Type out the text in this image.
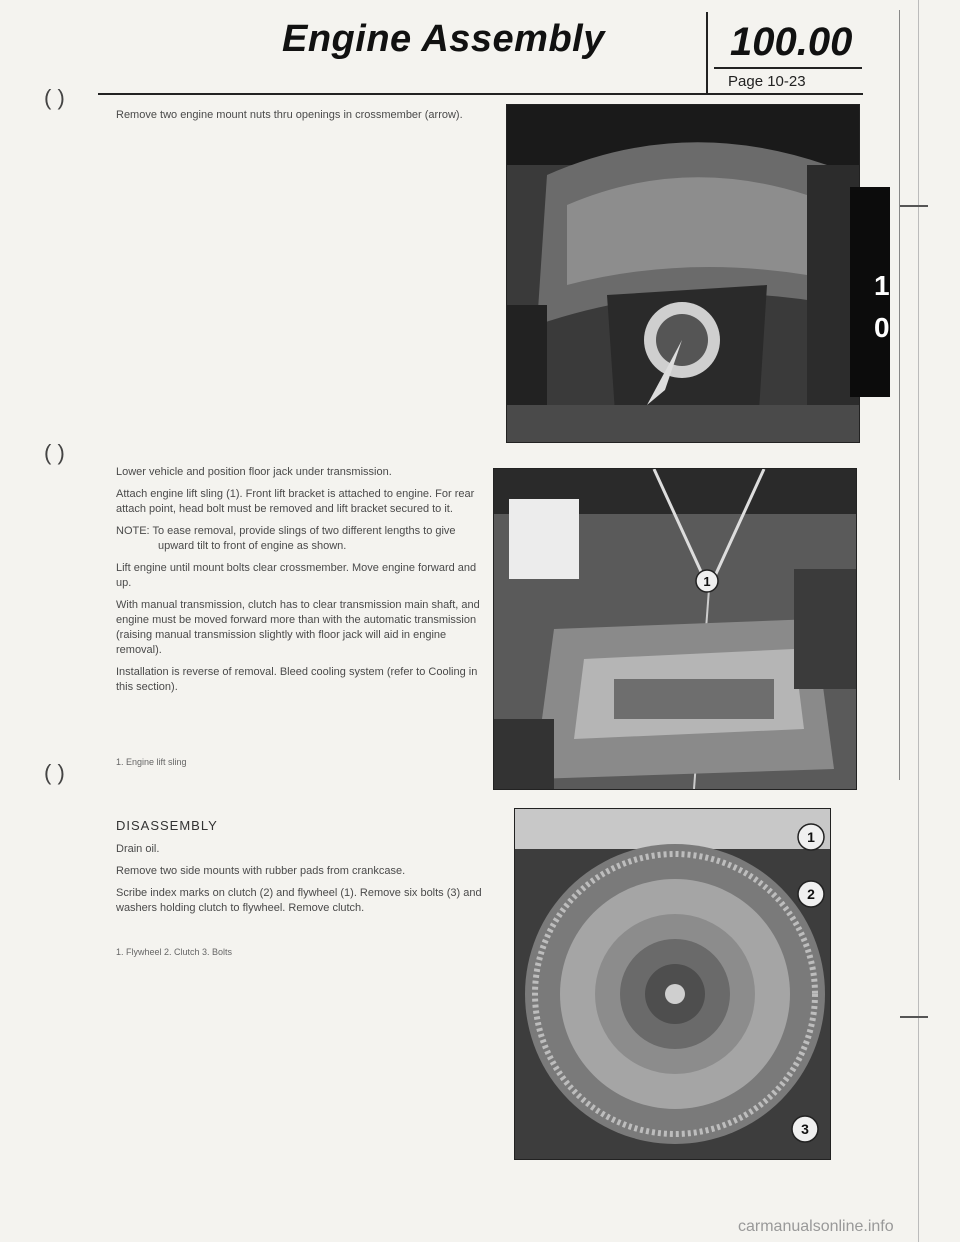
Engine Assembly	100.00
Page 10-23
( )
( )
( )

Remove two engine mount nuts thru openings in crossmember (arrow).

Lower vehicle and position floor jack under transmission.

Attach engine lift sling (1). Front lift bracket is attached to engine. For rear attach point, head bolt must be removed and lift bracket secured to it.

NOTE: To ease removal, provide slings of two different lengths to give upward tilt to front of engine as shown.

Lift engine until mount bolts clear crossmember. Move engine forward and up.

With manual transmission, clutch has to clear transmission main shaft, and engine must be moved forward more than with the automatic transmission (raising manual transmission slightly with floor jack will aid in engine removal).

Installation is reverse of removal. Bleed cooling system (refer to Cooling in this section).

1. Engine lift sling
1
DISASSEMBLY

Drain oil.

Remove two side mounts with rubber pads from crankcase.

Scribe index marks on clutch (2) and flywheel (1). Remove six bolts (3) and washers holding clutch to flywheel. Remove clutch.

1. Flywheel 2. Clutch 3. Bolts
1
2
3
1
0
carmanualsonline.info
